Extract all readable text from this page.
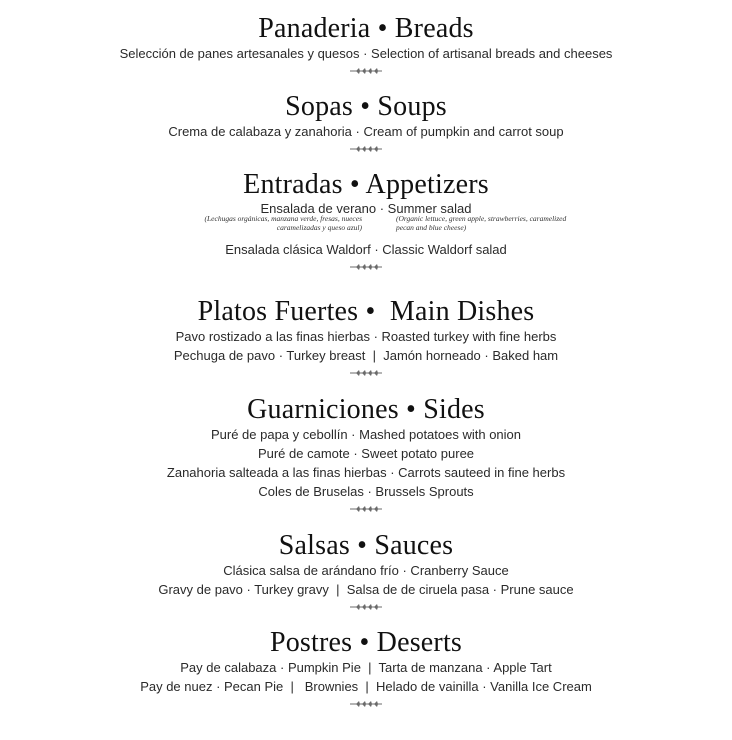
Panaderia • Breads
Selección de panes artesanales y quesos · Selection of artisanal breads and cheeses
Sopas • Soups
Crema de calabaza y zanahoria · Cream of pumpkin and carrot soup
Entradas • Appetizers
Ensalada de verano · Summer salad
(Lechugas orgánicas, manzana verde, fresas, nueces caramelizadas y queso azul)
(Organic lettuce, green apple, strawberries, caramelized pecan and blue cheese)
Ensalada clásica Waldorf · Classic Waldorf salad
Platos Fuertes •  Main Dishes
Pavo rostizado a las finas hierbas · Roasted turkey with fine herbs
Pechuga de pavo · Turkey breast  |  Jamón horneado · Baked ham
Guarniciones • Sides
Puré de papa y cebollín · Mashed potatoes with onion
Puré de camote · Sweet potato puree
Zanahoria salteada a las finas hierbas · Carrots sauteed in fine herbs
Coles de Bruselas · Brussels Sprouts
Salsas • Sauces
Clásica salsa de arándano frío · Cranberry Sauce
Gravy de pavo · Turkey gravy  |  Salsa de de ciruela pasa · Prune sauce
Postres • Deserts
Pay de calabaza · Pumpkin Pie  |  Tarta de manzana · Apple Tart
Pay de nuez · Pecan Pie  |   Brownies  |  Helado de vainilla · Vanilla Ice Cream
